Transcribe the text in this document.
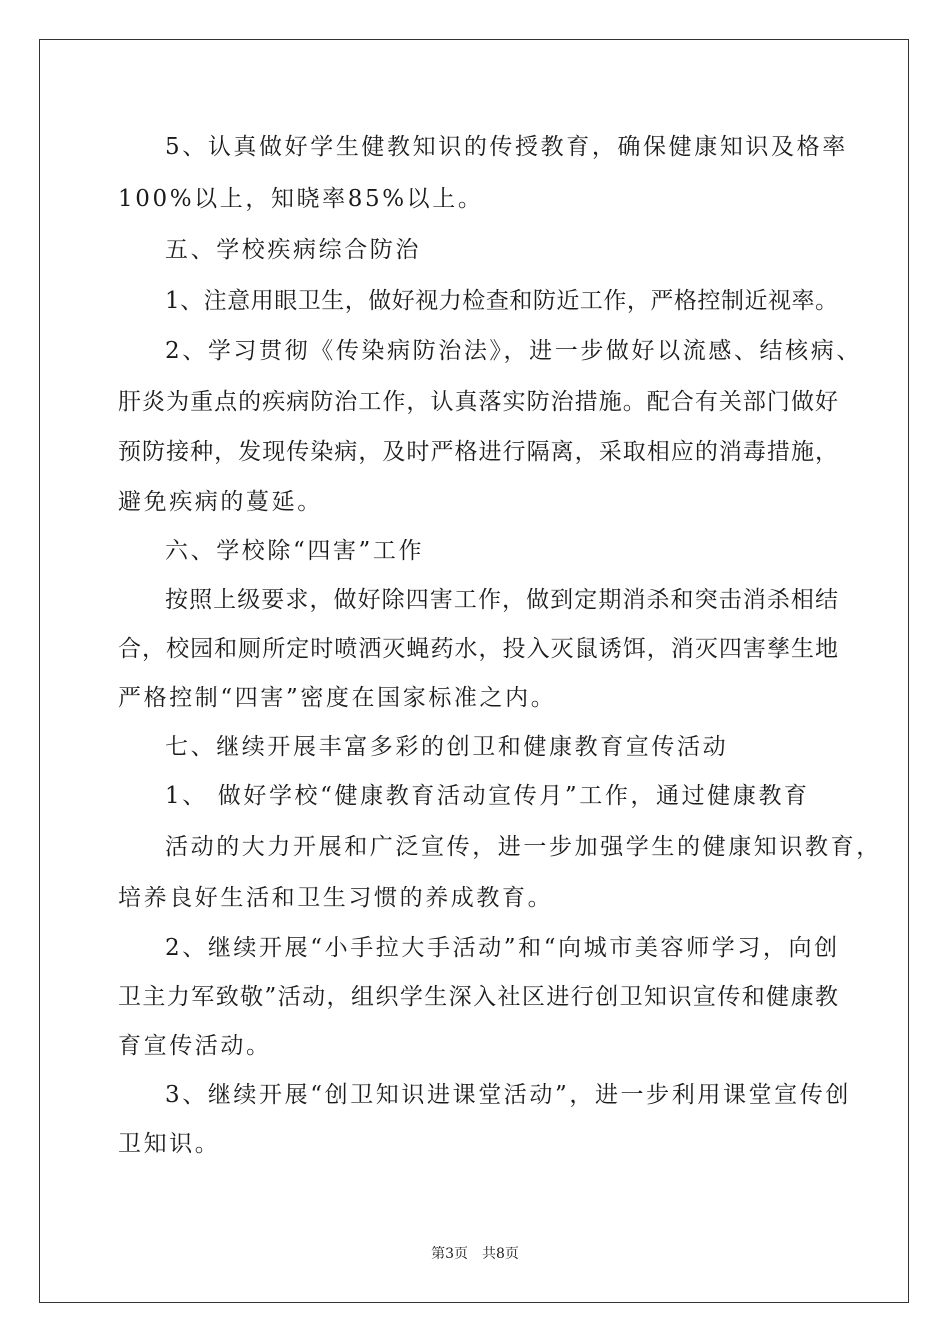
5、认真做好学生健教知识的传授教育，确保健康知识及格率
100%以上，知晓率85%以上。
五、学校疾病综合防治
1、注意用眼卫生，做好视力检查和防近工作，严格控制近视率。
2、学习贯彻《传染病防治法》，进一步做好以流感、结核病、
肝炎为重点的疾病防治工作，认真落实防治措施。配合有关部门做好
预防接种，发现传染病，及时严格进行隔离，采取相应的消毒措施，
避免疾病的蔓延。
六、学校除“四害”工作
按照上级要求，做好除四害工作，做到定期消杀和突击消杀相结
合，校园和厕所定时喷洒灭蝇药水，投入灭鼠诱饵，消灭四害孳生地
严格控制“四害”密度在国家标准之内。
七、继续开展丰富多彩的创卫和健康教育宣传活动
1、 做好学校“健康教育活动宣传月”工作，通过健康教育
活动的大力开展和广泛宣传，进一步加强学生的健康知识教育，
培养良好生活和卫生习惯的养成教育。
2、继续开展“小手拉大手活动”和“向城市美容师学习，向创
卫主力军致敬”活动，组织学生深入社区进行创卫知识宣传和健康教
育宣传活动。
3、继续开展“创卫知识进课堂活动”，进一步利用课堂宣传创
卫知识。
第3页　共8页
